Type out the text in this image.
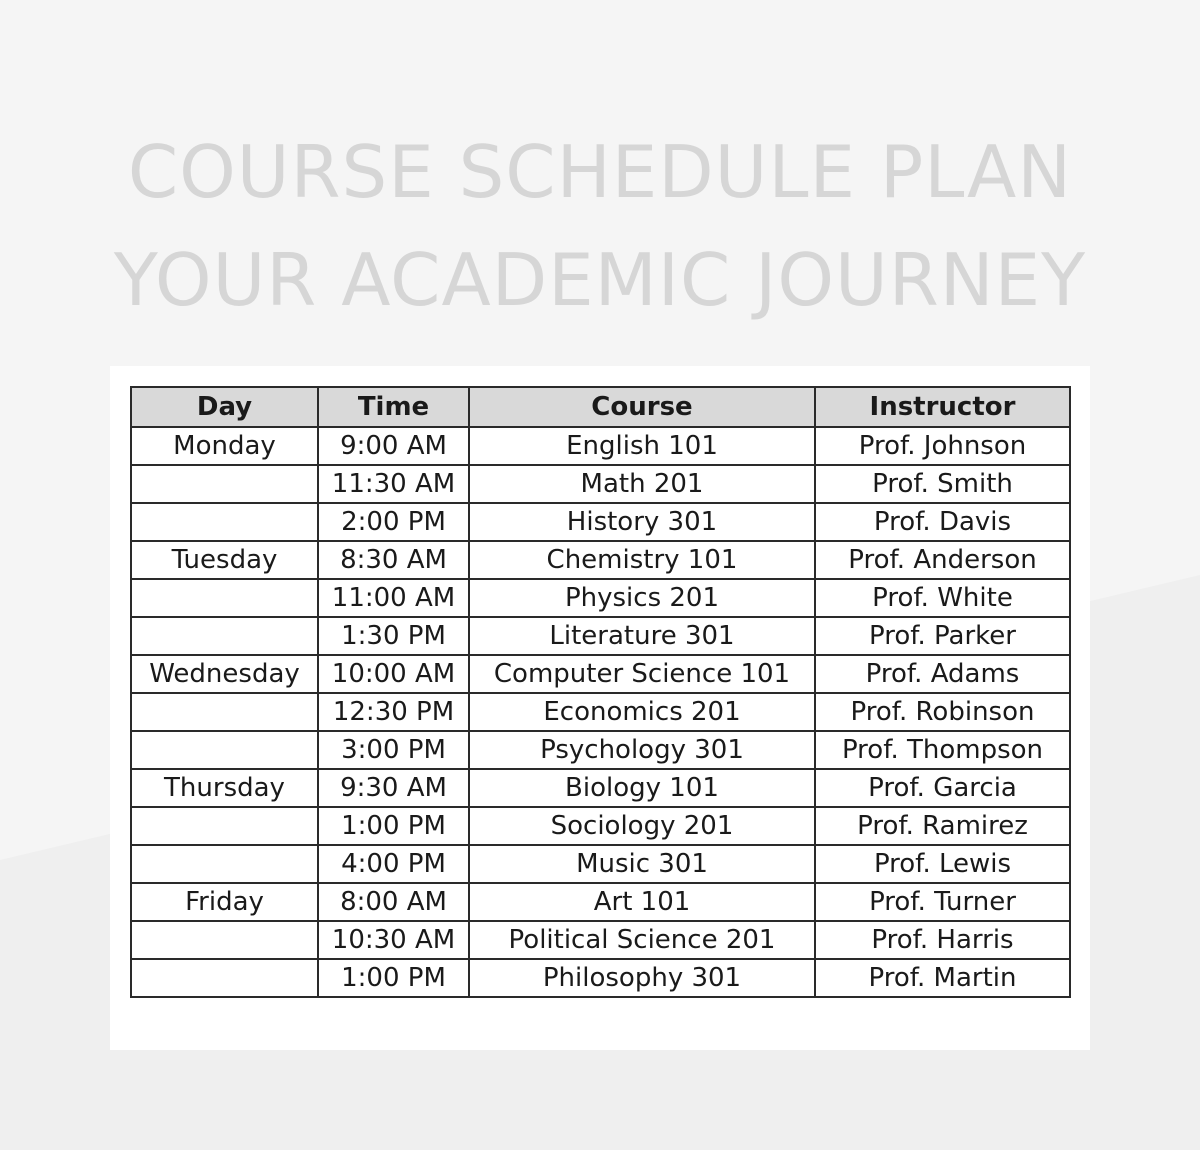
COURSE SCHEDULE PLAN
YOUR ACADEMIC JOURNEY
Day	Time	Course	Instructor
Monday	9:00 AM	English 101	Prof. Johnson
	11:30 AM	Math 201	Prof. Smith
	2:00 PM	History 301	Prof. Davis
Tuesday	8:30 AM	Chemistry 101	Prof. Anderson
	11:00 AM	Physics 201	Prof. White
	1:30 PM	Literature 301	Prof. Parker
Wednesday	10:00 AM	Computer Science 101	Prof. Adams
	12:30 PM	Economics 201	Prof. Robinson
	3:00 PM	Psychology 301	Prof. Thompson
Thursday	9:30 AM	Biology 101	Prof. Garcia
	1:00 PM	Sociology 201	Prof. Ramirez
	4:00 PM	Music 301	Prof. Lewis
Friday	8:00 AM	Art 101	Prof. Turner
	10:30 AM	Political Science 201	Prof. Harris
	1:00 PM	Philosophy 301	Prof. Martin
